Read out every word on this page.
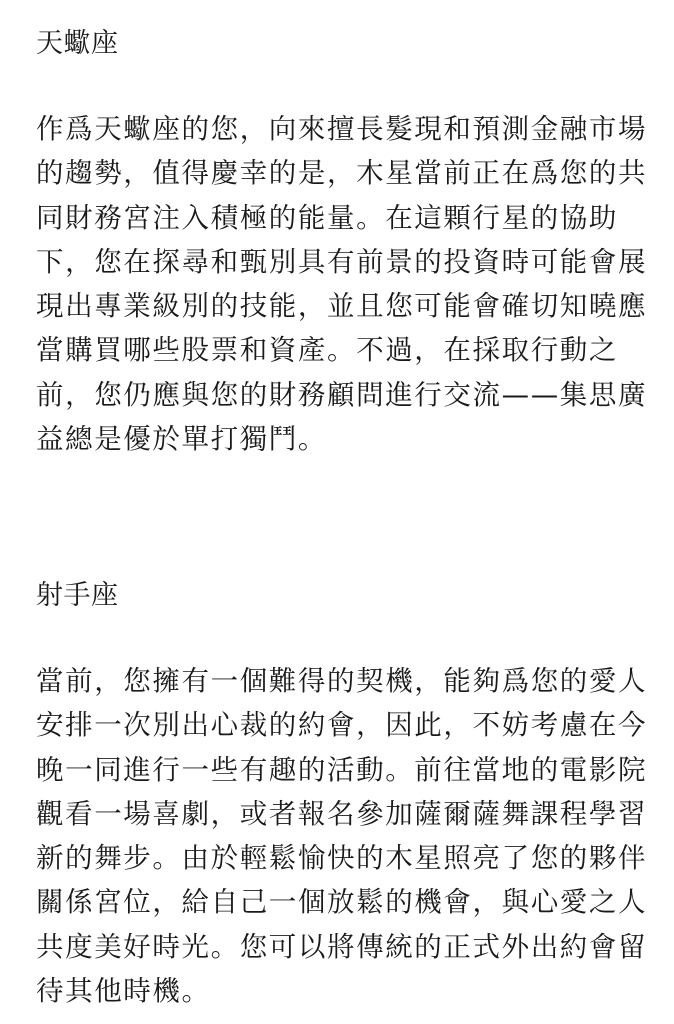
天蠍座

作爲天蠍座的您，向來擅長髮現和預測金融市場
的趨勢，值得慶幸的是，木星當前正在爲您的共
同財務宮注入積極的能量。在這顆行星的協助
下，您在探尋和甄別具有前景的投資時可能會展
現出專業級別的技能，並且您可能會確切知曉應
當購買哪些股票和資產。不過，在採取行動之
前，您仍應與您的財務顧問進行交流——集思廣
益總是優於單打獨鬥。

射手座

當前，您擁有一個難得的契機，能夠爲您的愛人
安排一次別出心裁的約會，因此，不妨考慮在今
晚一同進行一些有趣的活動。前往當地的電影院
觀看一場喜劇，或者報名參加薩爾薩舞課程學習
新的舞步。由於輕鬆愉快的木星照亮了您的夥伴
關係宮位，給自己一個放鬆的機會，與心愛之人
共度美好時光。您可以將傳統的正式外出約會留
待其他時機。
